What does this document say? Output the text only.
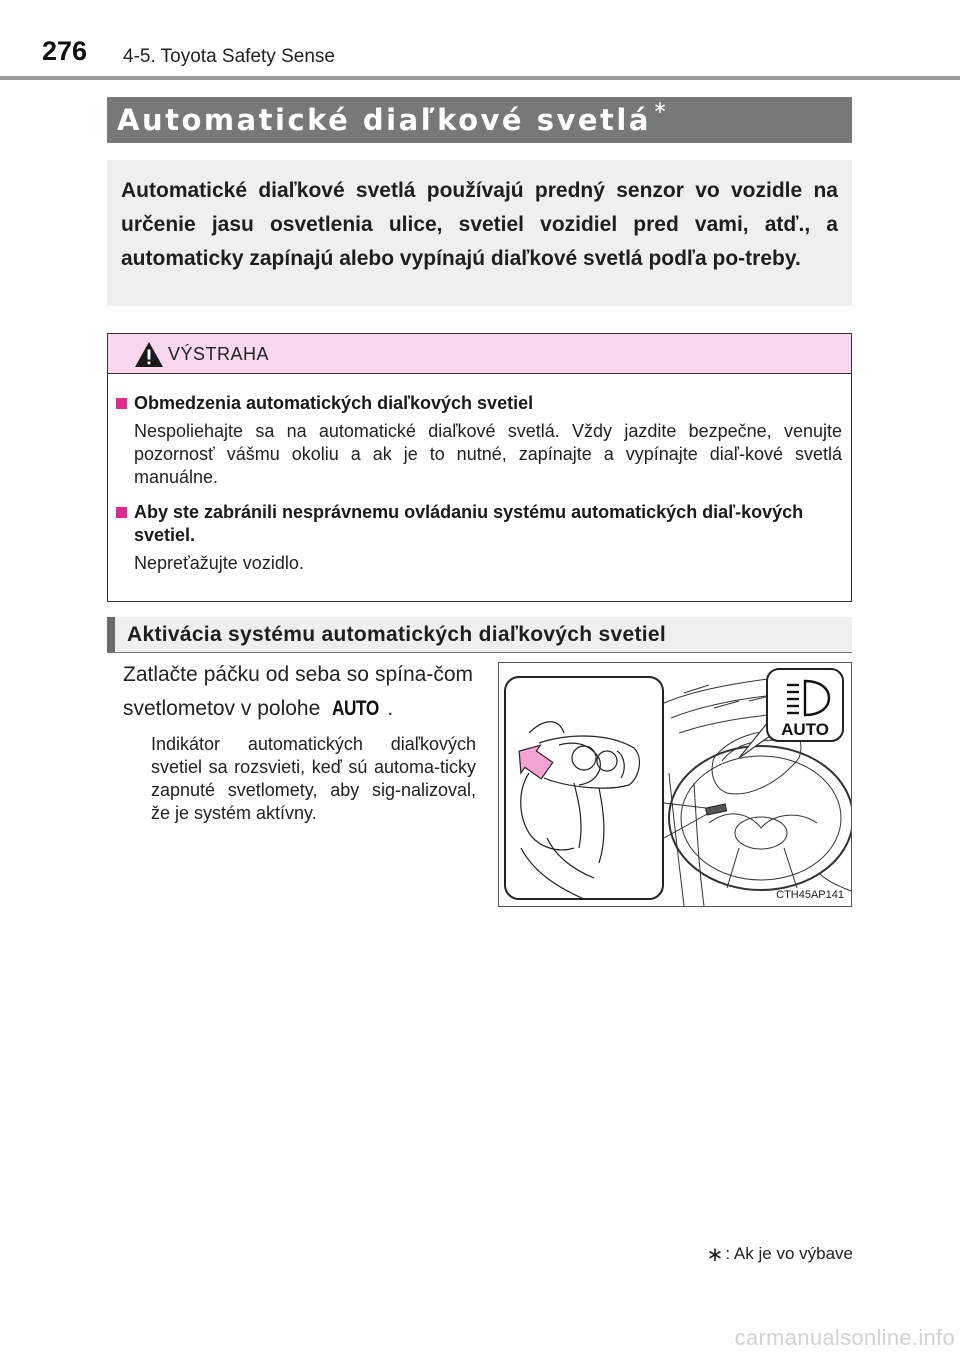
276 4-5. Toyota Safety Sense
Automatické diaľkové svetlá ∗
Automatické diaľkové svetlá používajú predný senzor vo vozidle na určenie jasu osvetlenia ulice, svetiel vozidiel pred vami, atď., a automaticky zapínajú alebo vypínajú diaľkové svetlá podľa po-treby.
VÝSTRAHA
Obmedzenia automatických diaľkových svetiel
Nespoliehajte sa na automatické diaľkové svetlá. Vždy jazdite bezpečne, venujte pozornosť vášmu okoliu a ak je to nutné, zapínajte a vypínajte diaľ-kové svetlá manuálne.
Aby ste zabránili nesprávnemu ovládaniu systému automatických diaľ-kových svetiel.
Nepreťažujte vozidlo.
Aktivácia systému automatických diaľkových svetiel
Zatlačte páčku od seba so spína-čom svetlometov v polohe AUTO .
Indikátor automatických diaľkových svetiel sa rozsvieti, keď sú automa-ticky zapnuté svetlomety, aby sig-nalizoval, že je systém aktívny.
AUTO
CTH45AP141
∗ : Ak je vo výbave
carmanualsonline.info
